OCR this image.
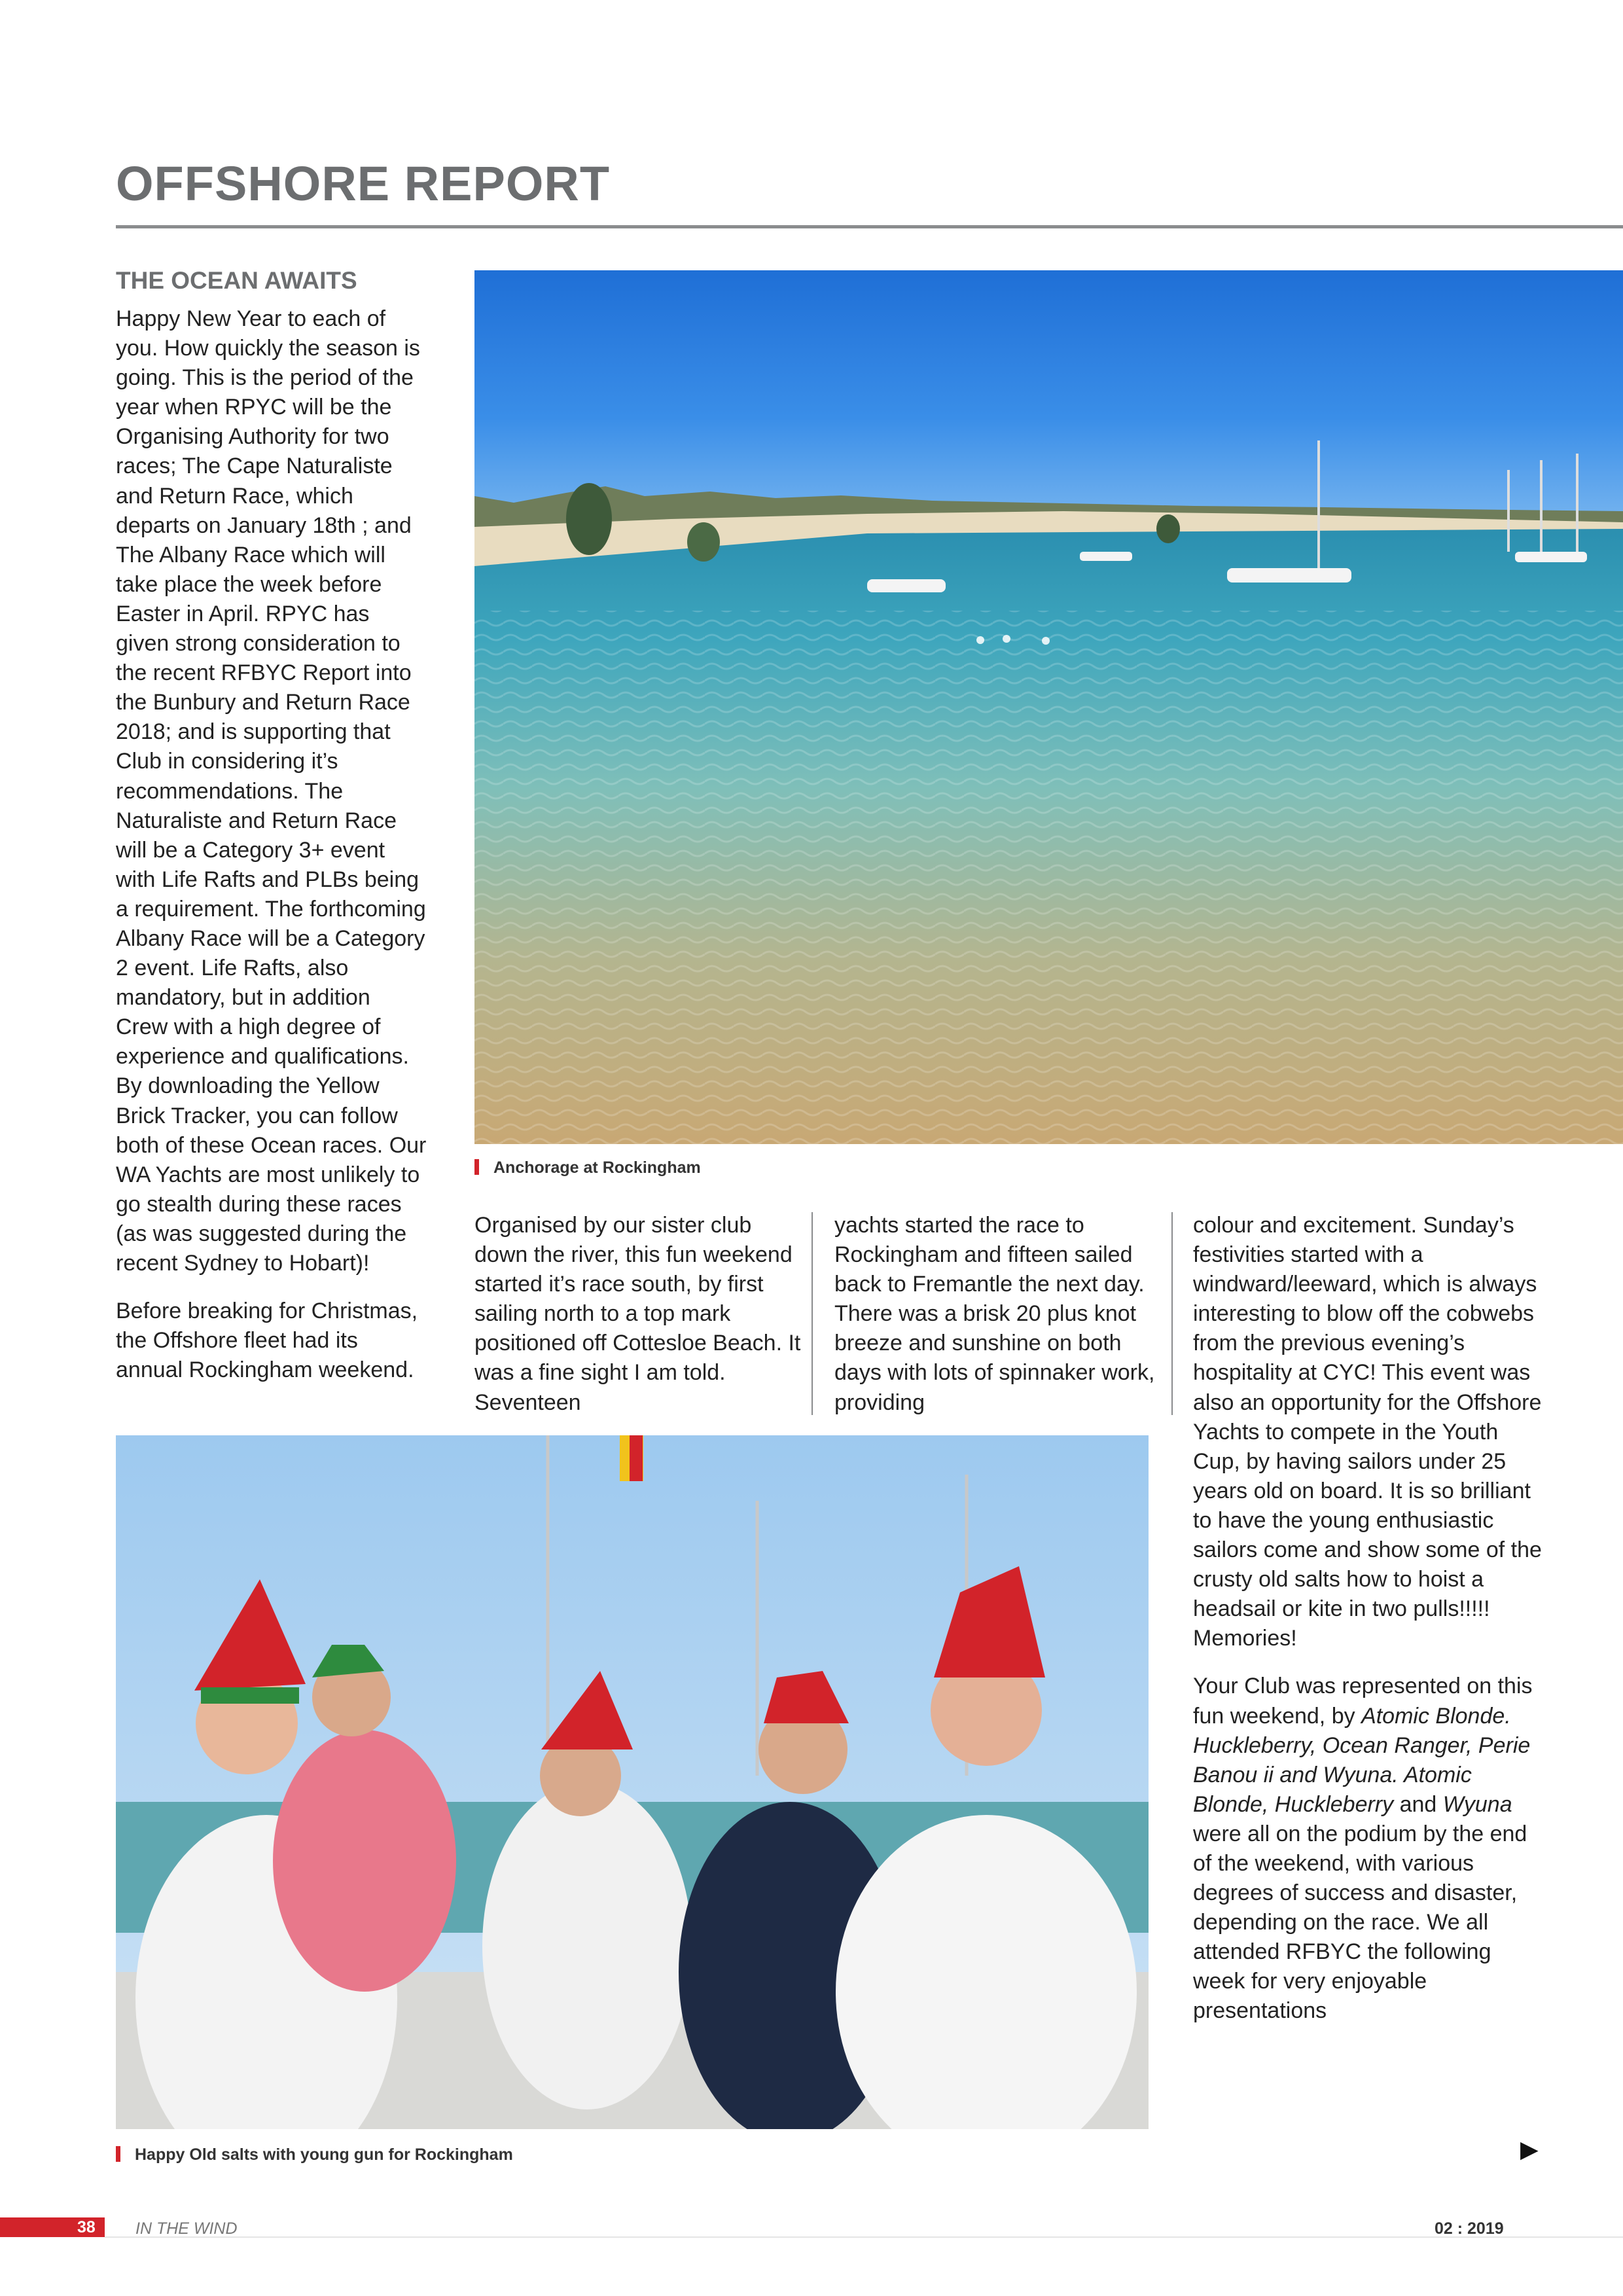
OFFSHORE REPORT
THE OCEAN AWAITS

Happy New Year to each of you. How quickly the season is going. This is the period of the year when RPYC will be the Organising Authority for two races; The Cape Naturaliste and Return Race, which departs on January 18th ; and The Albany Race which will take place the week before Easter in April. RPYC has given strong consideration to the recent RFBYC Report into the Bunbury and Return Race 2018; and is supporting that Club in considering it’s recommendations. The Naturaliste and Return Race will be a Category 3+ event with Life Rafts and PLBs being a requirement. The forthcoming Albany Race will be a Category 2 event. Life Rafts, also mandatory, but in addition Crew with a high degree of experience and qualifications. By downloading the Yellow Brick Tracker, you can follow both of these Ocean races. Our WA Yachts are most unlikely to go stealth during these races (as was suggested during the recent Sydney to Hobart)!

Before breaking for Christmas, the Offshore fleet had its annual Rockingham weekend.

Anchorage at Rockingham

Organised by our sister club down the river, this fun weekend started it’s race south, by first sailing north to a top mark positioned off Cottesloe Beach. It was a fine sight I am told. Seventeen

yachts started the race to Rockingham and fifteen sailed back to Fremantle the next day. There was a brisk 20 plus knot breeze and sunshine on both days with lots of spinnaker work, providing

colour and excitement. Sunday’s festivities started with a windward/leeward, which is always interesting to blow off the cobwebs from the previous evening’s hospitality at CYC! This event was also an opportunity for the Offshore Yachts to compete in the Youth Cup, by having sailors under 25 years old on board. It is so brilliant to have the young enthusiastic sailors come and show some of the crusty old salts how to hoist a headsail or kite in two pulls!!!!! Memories!

Your Club was represented on this fun weekend, by Atomic Blonde. Huckleberry, Ocean Ranger, Perie Banou ii and Wyuna. Atomic Blonde, Huckleberry and Wyuna were all on the podium by the end of the weekend, with various degrees of success and disaster, depending on the race. We all attended RFBYC the following week for very enjoyable presentations

Happy Old salts with young gun for Rockingham	▶
38 IN THE WIND	02 : 2019
